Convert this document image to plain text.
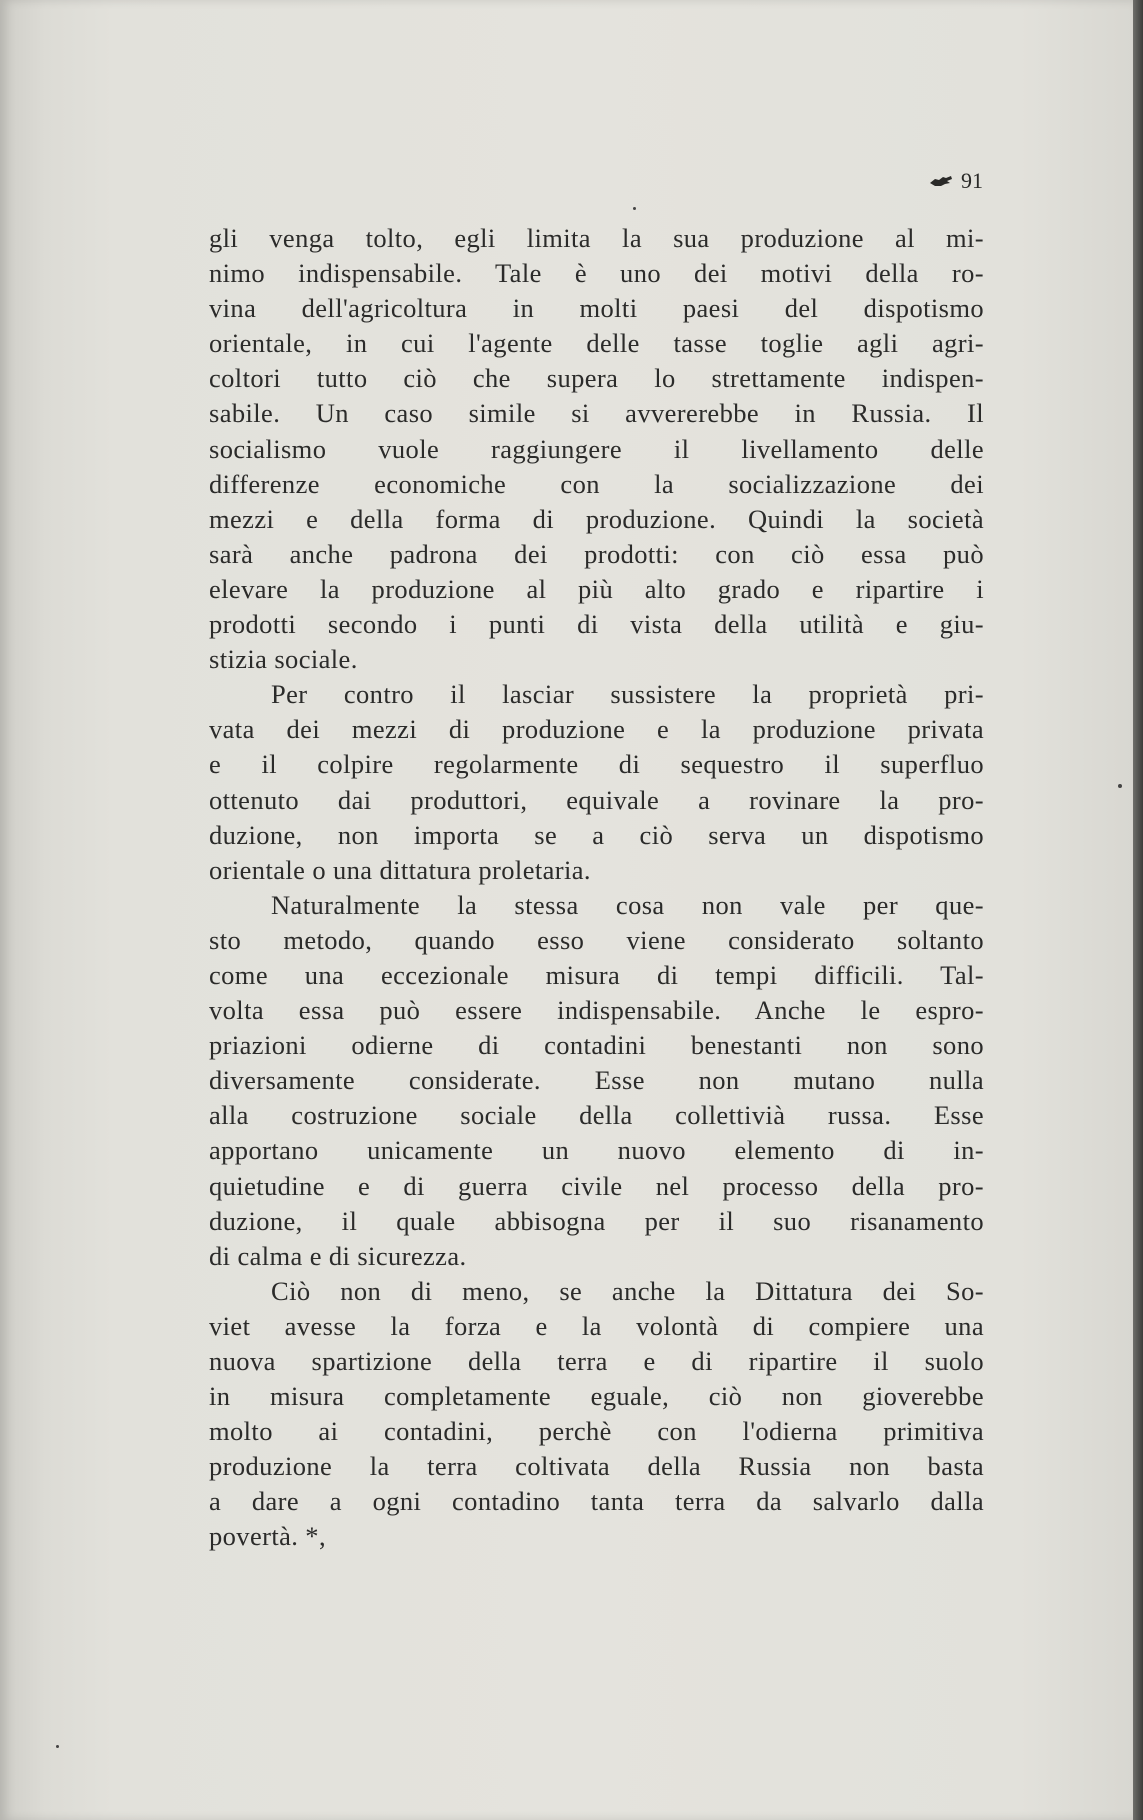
91

gli venga tolto, egli limita la sua produzione al mi-
nimo indispensabile. Tale è uno dei motivi della ro-
vina dell'agricoltura in molti paesi del dispotismo
orientale, in cui l'agente delle tasse toglie agli agri-
coltori tutto ciò che supera lo strettamente indispen-
sabile. Un caso simile si avvererebbe in Russia. Il
socialismo vuole raggiungere il livellamento delle
differenze economiche con la socializzazione dei
mezzi e della forma di produzione. Quindi la società
sarà anche padrona dei prodotti: con ciò essa può
elevare la produzione al più alto grado e ripartire i
prodotti secondo i punti di vista della utilità e giu-
stizia sociale.

Per contro il lasciar sussistere la proprietà pri-
vata dei mezzi di produzione e la produzione privata
e il colpire regolarmente di sequestro il superfluo
ottenuto dai produttori, equivale a rovinare la pro-
duzione, non importa se a ciò serva un dispotismo
orientale o una dittatura proletaria.

Naturalmente la stessa cosa non vale per que-
sto metodo, quando esso viene considerato soltanto
come una eccezionale misura di tempi difficili. Tal-
volta essa può essere indispensabile. Anche le espro-
priazioni odierne di contadini benestanti non sono
diversamente considerate. Esse non mutano nulla
alla costruzione sociale della collettivià russa. Esse
apportano unicamente un nuovo elemento di in-
quietudine e di guerra civile nel processo della pro-
duzione, il quale abbisogna per il suo risanamento
di calma e di sicurezza.

Ciò non di meno, se anche la Dittatura dei So-
viet avesse la forza e la volontà di compiere una
nuova spartizione della terra e di ripartire il suolo
in misura completamente eguale, ciò non gioverebbe
molto ai contadini, perchè con l'odierna primitiva
produzione la terra coltivata della Russia non basta
a dare a ogni contadino tanta terra da salvarlo dalla
povertà. *,
